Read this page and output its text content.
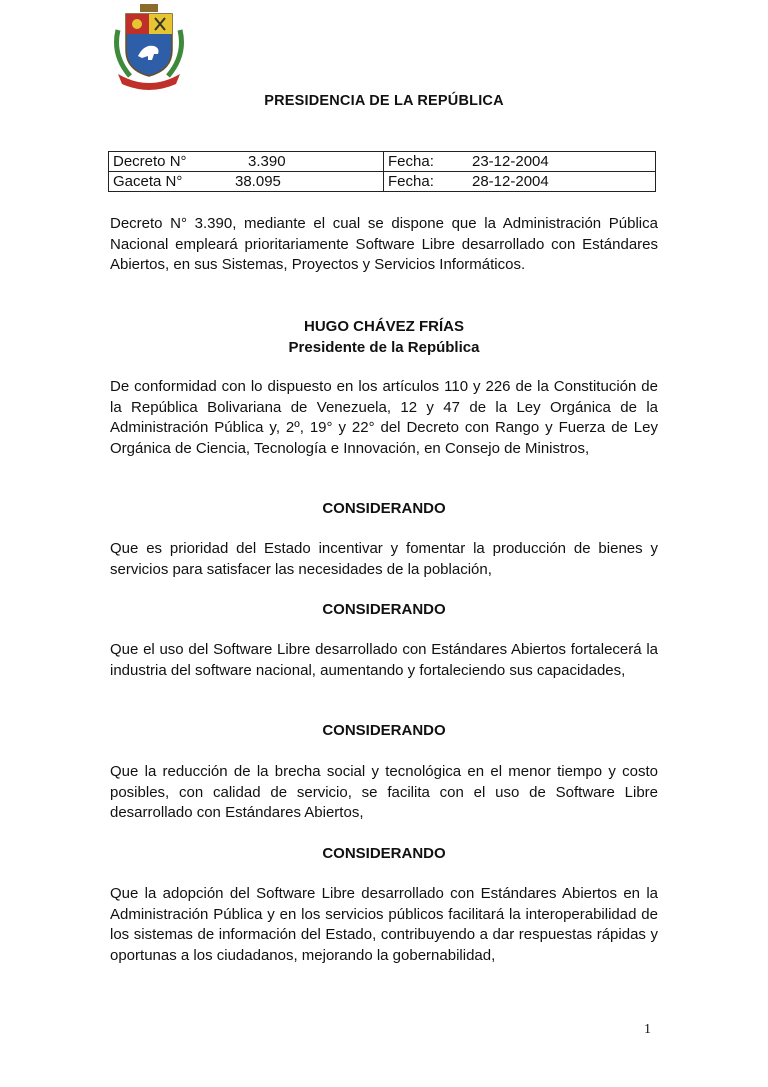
PRESIDENCIA DE LA REPÚBLICA
Decreto N° 3.390	Fecha: 23-12-2004
Gaceta N° 38.095	Fecha: 28-12-2004
Decreto N° 3.390, mediante el cual se dispone que la Administración Pública Nacional empleará prioritariamente Software Libre desarrollado con Estándares Abiertos, en sus Sistemas, Proyectos y Servicios Informáticos.
HUGO CHÁVEZ FRÍAS
Presidente de la República
De conformidad con lo dispuesto en los artículos 110 y 226 de la Constitución de la República Bolivariana de Venezuela, 12 y 47 de la Ley Orgánica de la Administración Pública y, 2º, 19° y 22° del Decreto con Rango y Fuerza de Ley Orgánica de Ciencia, Tecnología e Innovación, en Consejo de Ministros,
CONSIDERANDO
Que es prioridad del Estado incentivar y fomentar la producción de bienes y servicios para satisfacer las necesidades de la población,
CONSIDERANDO
Que el uso del Software Libre desarrollado con Estándares Abiertos fortalecerá la industria del software nacional, aumentando y fortaleciendo sus capacidades,
CONSIDERANDO
Que la reducción de la brecha social y tecnológica en el menor tiempo y costo posibles, con calidad de servicio, se facilita con el uso de Software Libre desarrollado con Estándares Abiertos,
CONSIDERANDO
Que la adopción del Software Libre desarrollado con Estándares Abiertos en la Administración Pública y en los servicios públicos facilitará la interoperabilidad de los sistemas de información del Estado, contribuyendo a dar respuestas rápidas y oportunas a los ciudadanos, mejorando la gobernabilidad,
1
